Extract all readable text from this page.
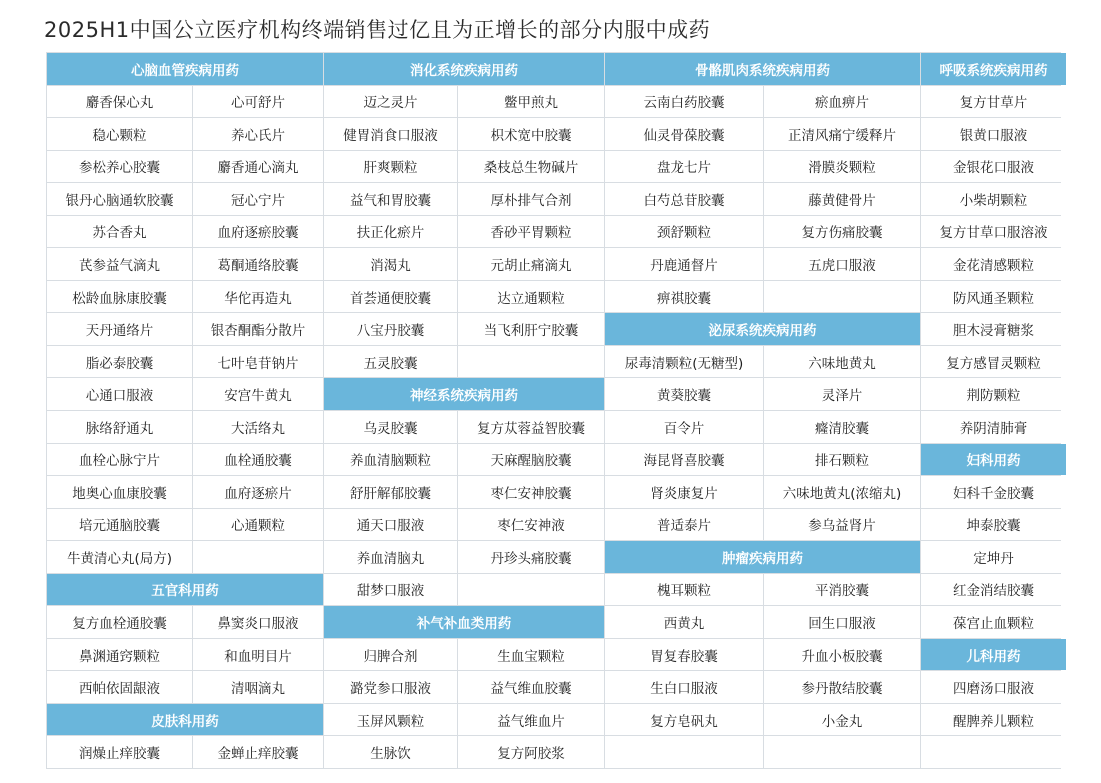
2025H1中国公立医疗机构终端销售过亿且为正增长的部分内服中成药
心脑血管疾病用药
麝香保心丸	心可舒片
稳心颗粒	养心氏片
参松养心胶囊	麝香通心滴丸
银丹心脑通软胶囊	冠心宁片
苏合香丸	血府逐瘀胶囊
芪参益气滴丸	葛酮通络胶囊
松龄血脉康胶囊	华佗再造丸
天丹通络片	银杏酮酯分散片
脂必泰胶囊	七叶皂苷钠片
心通口服液	安宫牛黄丸
脉络舒通丸	大活络丸
血栓心脉宁片	血栓通胶囊
地奥心血康胶囊	血府逐瘀片
培元通脑胶囊	心通颗粒
牛黄清心丸(局方)
五官科用药
复方血栓通胶囊	鼻窦炎口服液
鼻渊通窍颗粒	和血明目片
西帕依固龈液	清咽滴丸
皮肤科用药
润燥止痒胶囊	金蝉止痒胶囊
消化系统疾病用药
迈之灵片	鳖甲煎丸
健胃消食口服液	枳术宽中胶囊
肝爽颗粒	桑枝总生物碱片
益气和胃胶囊	厚朴排气合剂
扶正化瘀片	香砂平胃颗粒
消渴丸	元胡止痛滴丸
首荟通便胶囊	达立通颗粒
八宝丹胶囊	当飞利肝宁胶囊
五灵胶囊
神经系统疾病用药
乌灵胶囊	复方苁蓉益智胶囊
养血清脑颗粒	天麻醒脑胶囊
舒肝解郁胶囊	枣仁安神胶囊
通天口服液	枣仁安神液
养血清脑丸	丹珍头痛胶囊
甜梦口服液
补气补血类用药
归脾合剂	生血宝颗粒
潞党参口服液	益气维血胶囊
玉屏风颗粒	益气维血片
生脉饮	复方阿胶浆
骨骼肌肉系统疾病用药
云南白药胶囊	瘀血痹片
仙灵骨葆胶囊	正清风痛宁缓释片
盘龙七片	滑膜炎颗粒
白芍总苷胶囊	藤黄健骨片
颈舒颗粒	复方伤痛胶囊
丹鹿通督片	五虎口服液
痹祺胶囊
泌尿系统疾病用药
尿毒清颗粒(无糖型)	六味地黄丸
黄葵胶囊	灵泽片
百令片	癃清胶囊
海昆肾喜胶囊	排石颗粒
肾炎康复片	六味地黄丸(浓缩丸)
普适泰片	参乌益肾片
肿瘤疾病用药
槐耳颗粒	平消胶囊
西黄丸	回生口服液
胃复春胶囊	升血小板胶囊
生白口服液	参丹散结胶囊
复方皂矾丸	小金丸
呼吸系统疾病用药
复方甘草片
银黄口服液
金银花口服液
小柴胡颗粒
复方甘草口服溶液
金花清感颗粒
防风通圣颗粒
胆木浸膏糖浆
复方感冒灵颗粒
荆防颗粒
养阴清肺膏
妇科用药
妇科千金胶囊
坤泰胶囊
定坤丹
红金消结胶囊
葆宫止血颗粒
儿科用药
四磨汤口服液
醒脾养儿颗粒
